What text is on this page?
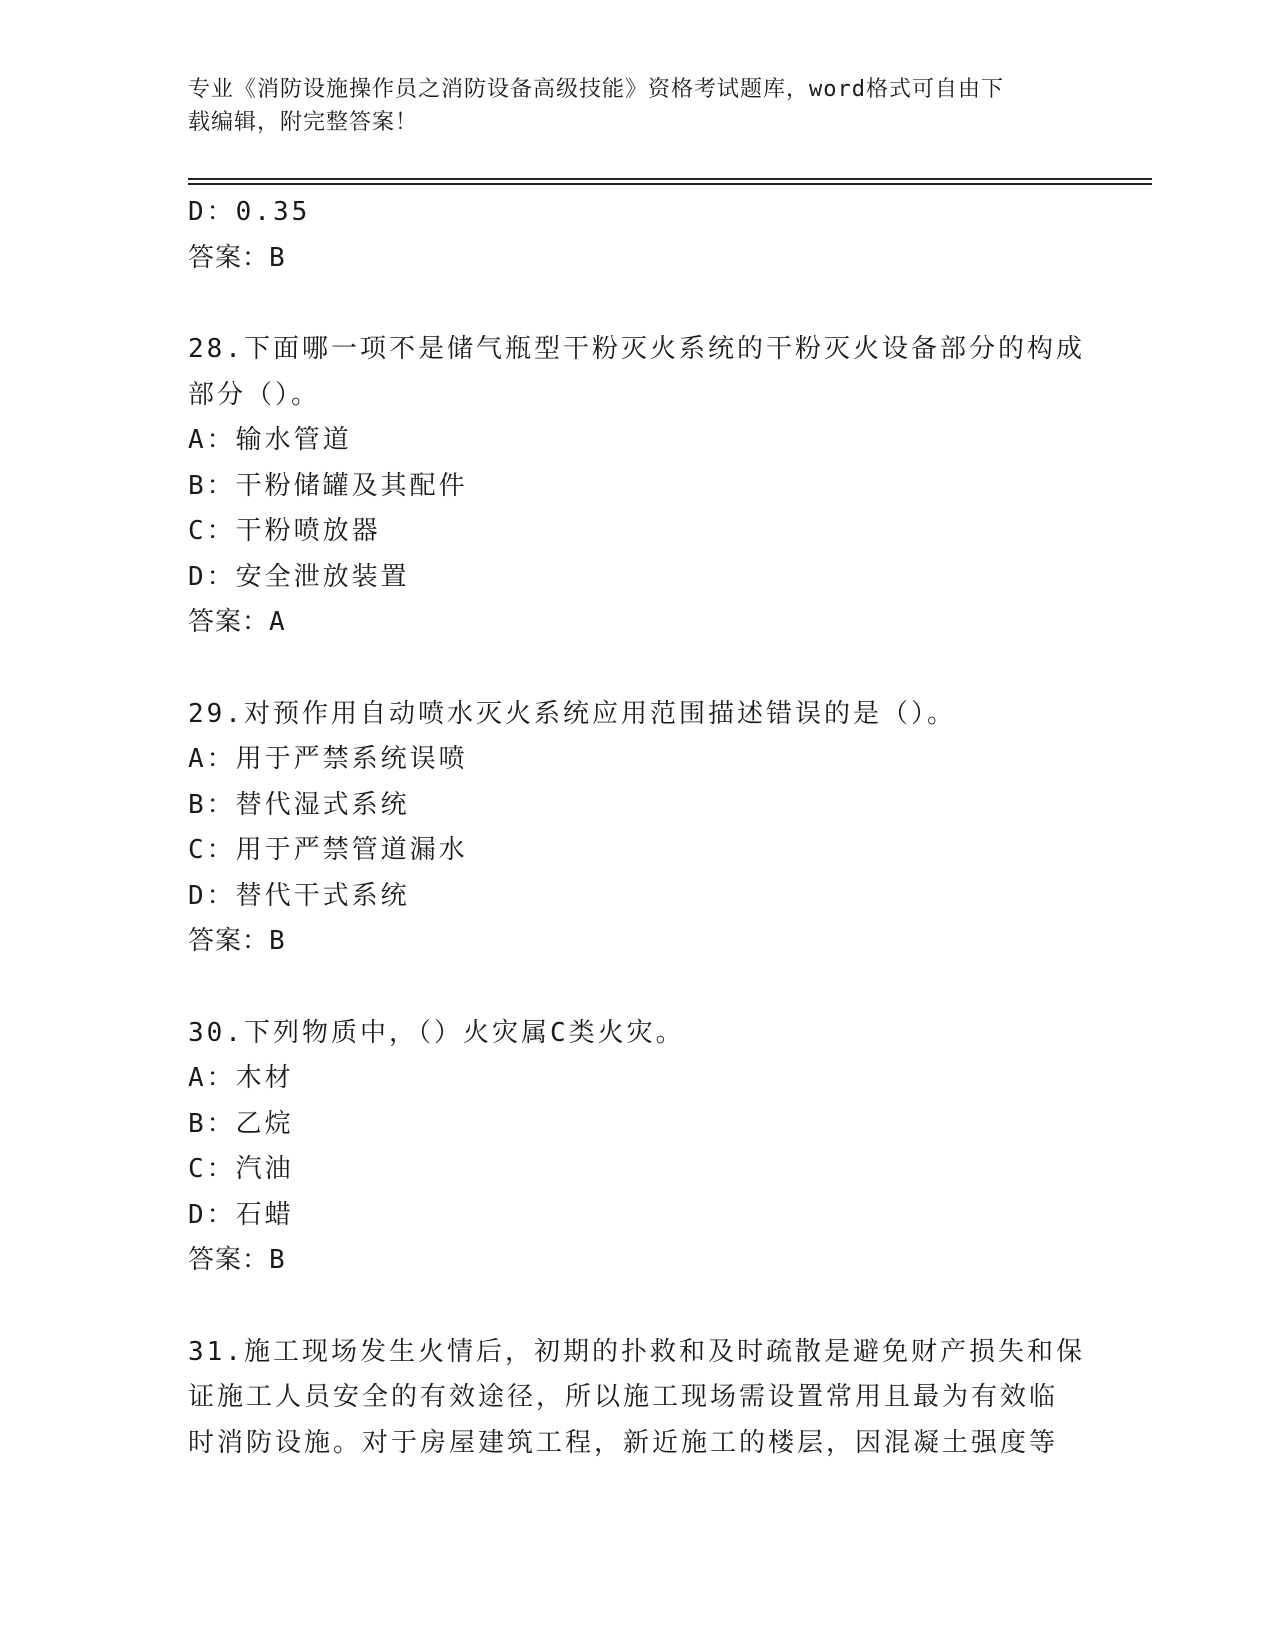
专业《消防设施操作员之消防设备高级技能》资格考试题库，word格式可自由下
载编辑，附完整答案！
D：0.35
答案：B
28.下面哪一项不是储气瓶型干粉灭火系统的干粉灭火设备部分的构成
部分（）。
A：输水管道
B：干粉储罐及其配件
C：干粉喷放器
D：安全泄放装置
答案：A
29.对预作用自动喷水灭火系统应用范围描述错误的是（）。
A：用于严禁系统误喷
B：替代湿式系统
C：用于严禁管道漏水
D：替代干式系统
答案：B
30.下列物质中，（）火灾属C类火灾。
A：木材
B：乙烷
C：汽油
D：石蜡
答案：B
31.施工现场发生火情后，初期的扑救和及时疏散是避免财产损失和保
证施工人员安全的有效途径，所以施工现场需设置常用且最为有效临
时消防设施。对于房屋建筑工程，新近施工的楼层，因混凝土强度等
